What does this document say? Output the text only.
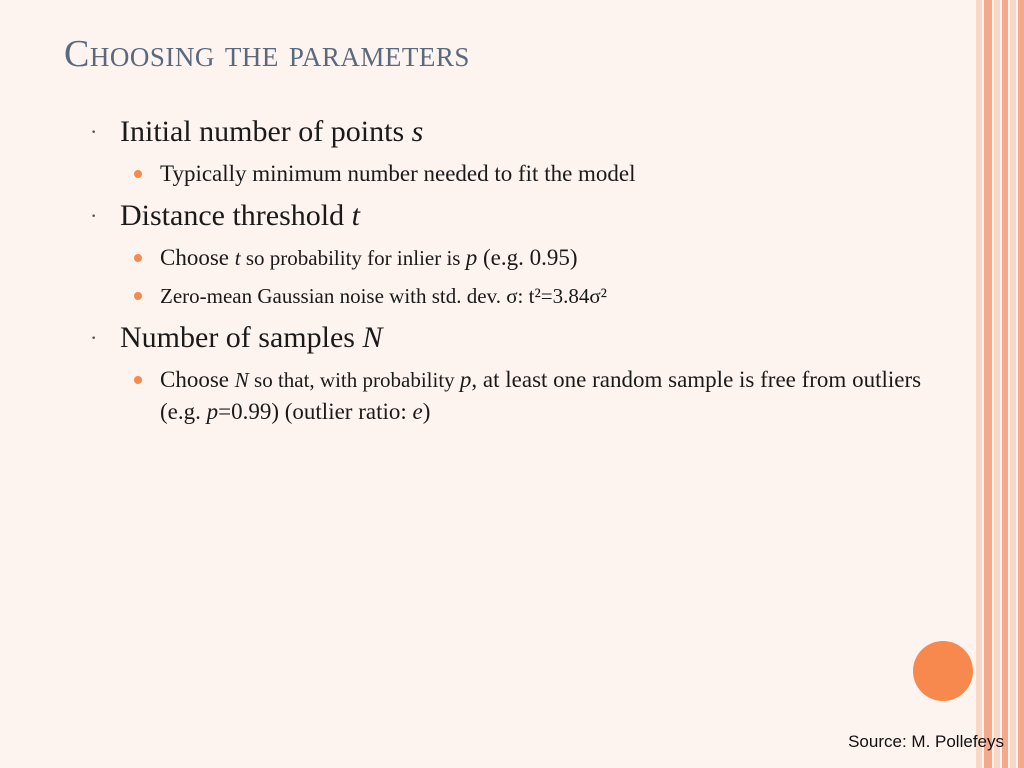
Choosing the parameters
· Initial number of points s
Typically minimum number needed to fit the model
· Distance threshold t
Choose t so probability for inlier is p (e.g. 0.95)
Zero-mean Gaussian noise with std. dev. σ: t²=3.84σ²
· Number of samples N
Choose N so that, with probability p, at least one random sample is free from outliers (e.g. p=0.99) (outlier ratio: e)
Source: M. Pollefeys
